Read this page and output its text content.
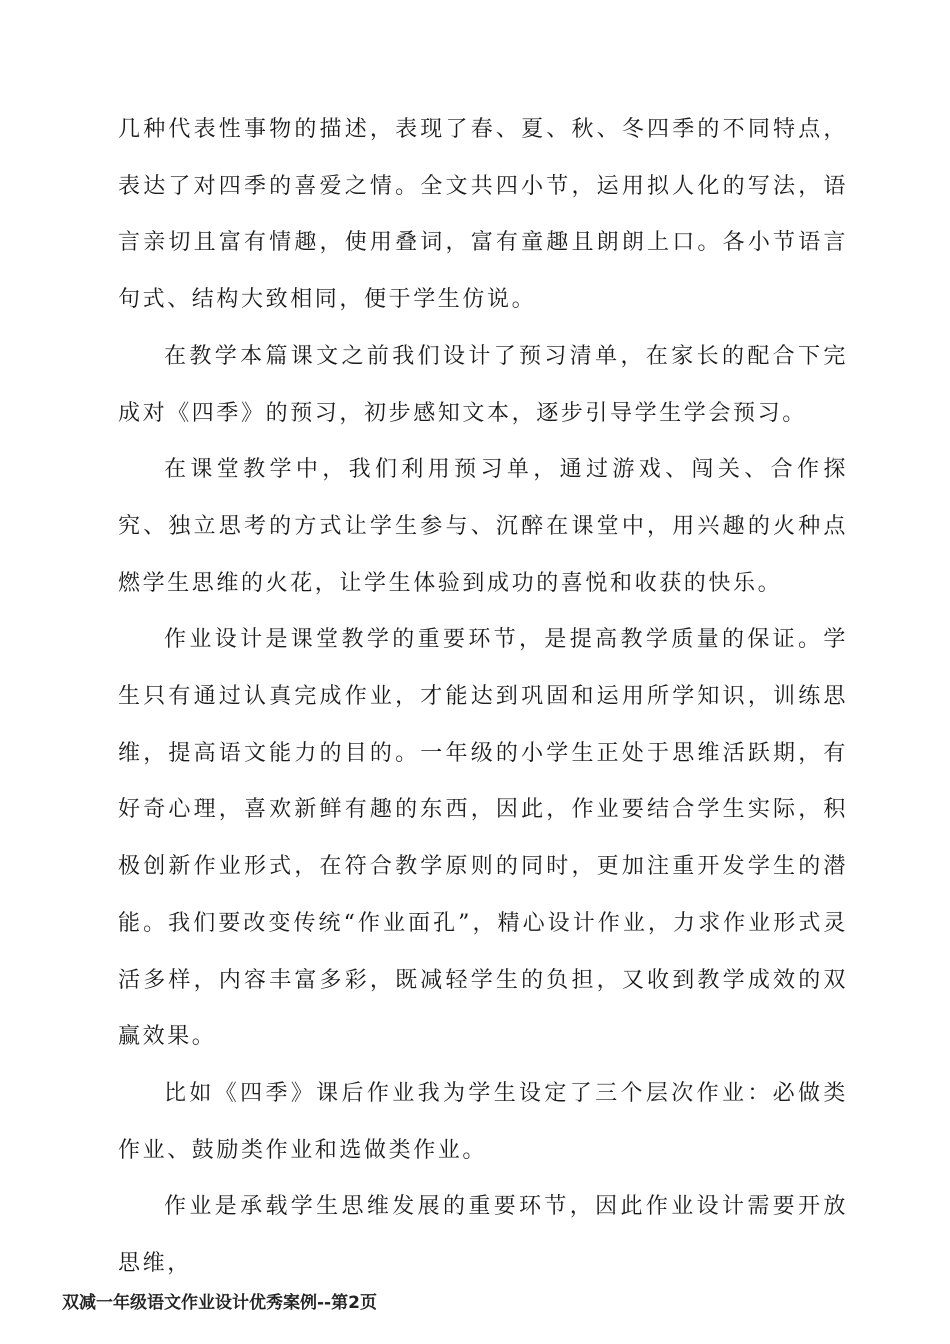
几种代表性事物的描述，表现了春、夏、秋、冬四季的不同特点，表达了对四季的喜爱之情。全文共四小节，运用拟人化的写法，语言亲切且富有情趣，使用叠词，富有童趣且朗朗上口。各小节语言句式、结构大致相同，便于学生仿说。

在教学本篇课文之前我们设计了预习清单，在家长的配合下完成对《四季》的预习，初步感知文本，逐步引导学生学会预习。

在课堂教学中，我们利用预习单，通过游戏、闯关、合作探究、独立思考的方式让学生参与、沉醉在课堂中，用兴趣的火种点燃学生思维的火花，让学生体验到成功的喜悦和收获的快乐。

作业设计是课堂教学的重要环节，是提高教学质量的保证。学生只有通过认真完成作业，才能达到巩固和运用所学知识，训练思维，提高语文能力的目的。一年级的小学生正处于思维活跃期，有好奇心理，喜欢新鲜有趣的东西，因此，作业要结合学生实际，积极创新作业形式，在符合教学原则的同时，更加注重开发学生的潜能。我们要改变传统“作业面孔”，精心设计作业，力求作业形式灵活多样，内容丰富多彩，既减轻学生的负担，又收到教学成效的双赢效果。

比如《四季》课后作业我为学生设定了三个层次作业：必做类作业、鼓励类作业和选做类作业。

作业是承载学生思维发展的重要环节，因此作业设计需要开放思维，

双减一年级语文作业设计优秀案例--第2页
